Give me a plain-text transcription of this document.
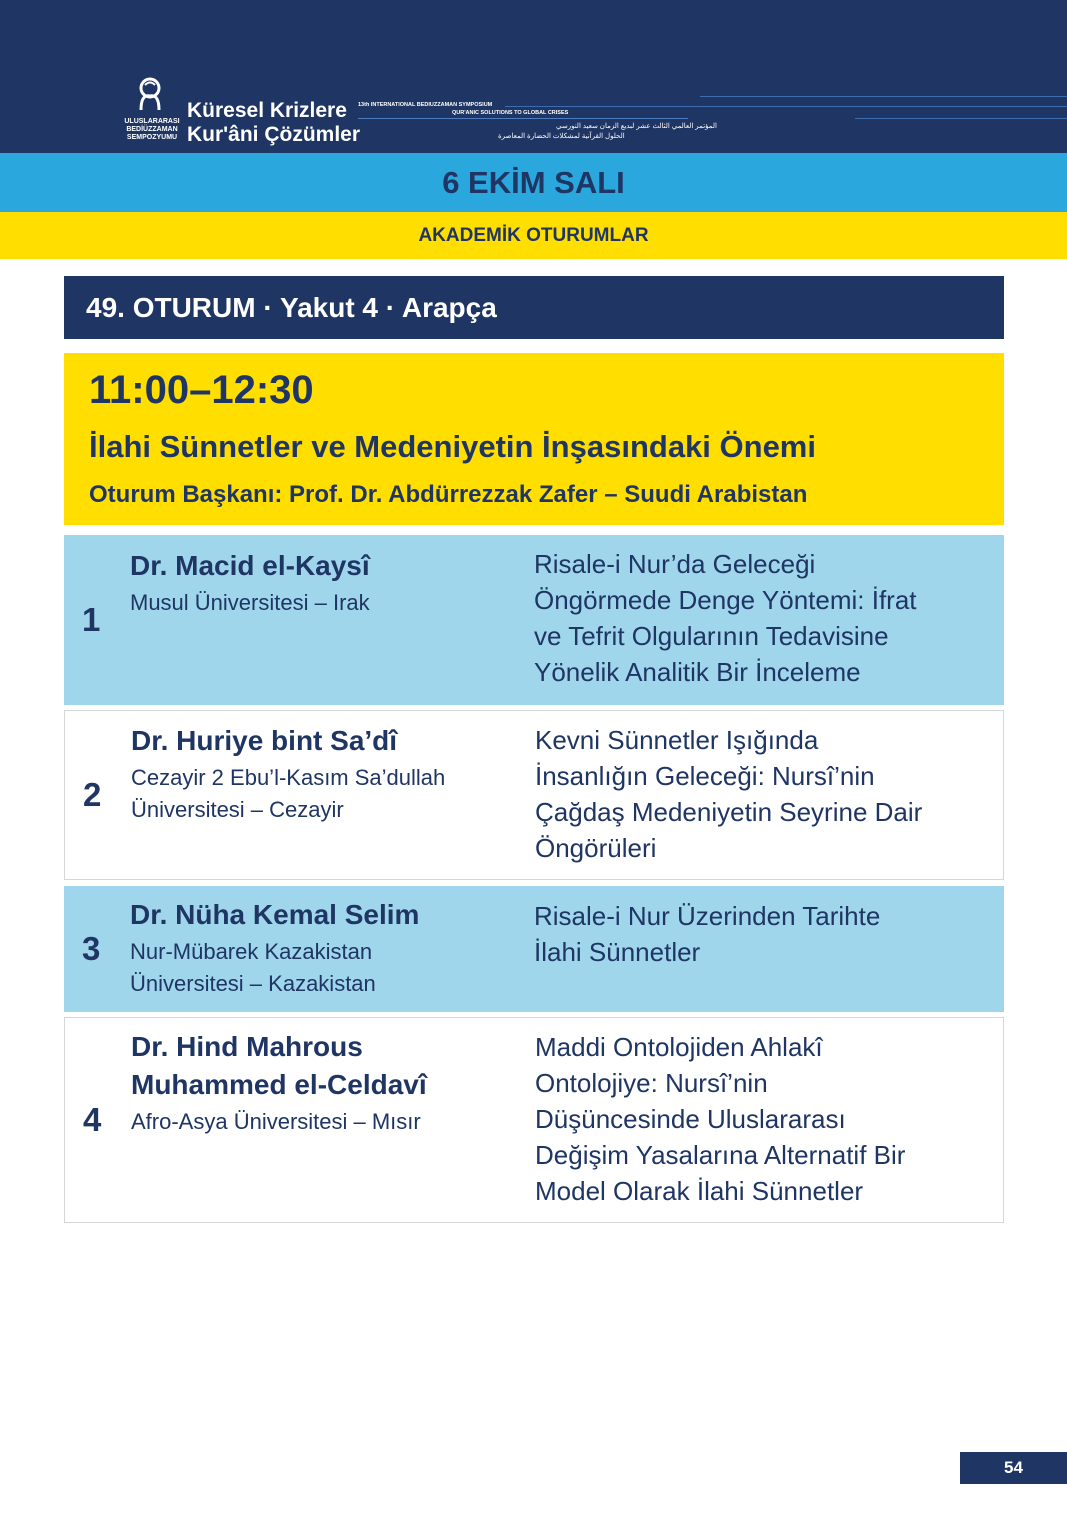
ULUSLARARASI
BEDİÜZZAMAN
SEMPOZYUMU
Küresel Krizlere
Kur'âni Çözümler
13th INTERNATIONAL BEDIUZZAMAN SYMPOSIUM
QUR'ANIC SOLUTIONS TO GLOBAL CRISES
المؤتمر العالمي الثالث عشر لبديع الزمان سعيد النورسي
الحلول القرآنية لمشكلات الحضارة المعاصرة
6 EKİM SALI
AKADEMİK OTURUMLAR
49. OTURUM · Yakut 4 · Arapça
11:00–12:30
İlahi Sünnetler ve Medeniyetin İnşasındaki Önemi
Oturum Başkanı: Prof. Dr. Abdürrezzak Zafer – Suudi Arabistan
1
Dr. Macid el-Kaysî
Musul Üniversitesi – Irak
Risale-i Nur’da Geleceği
Öngörmede Denge Yöntemi: İfrat
ve Tefrit Olgularının Tedavisine
Yönelik Analitik Bir İnceleme
2
Dr. Huriye bint Sa’dî
Cezayir 2 Ebu’l-Kasım Sa’dullah
Üniversitesi – Cezayir
Kevni Sünnetler Işığında
İnsanlığın Geleceği: Nursî’nin
Çağdaş Medeniyetin Seyrine Dair
Öngörüleri
3
Dr. Nüha Kemal Selim
Nur-Mübarek Kazakistan
Üniversitesi – Kazakistan
Risale-i Nur Üzerinden Tarihte
İlahi Sünnetler
4
Dr. Hind Mahrous
Muhammed el-Celdavî
Afro-Asya Üniversitesi – Mısır
Maddi Ontolojiden Ahlakî
Ontolojiye: Nursî’nin
Düşüncesinde Uluslararası
Değişim Yasalarına Alternatif Bir
Model Olarak İlahi Sünnetler
54
